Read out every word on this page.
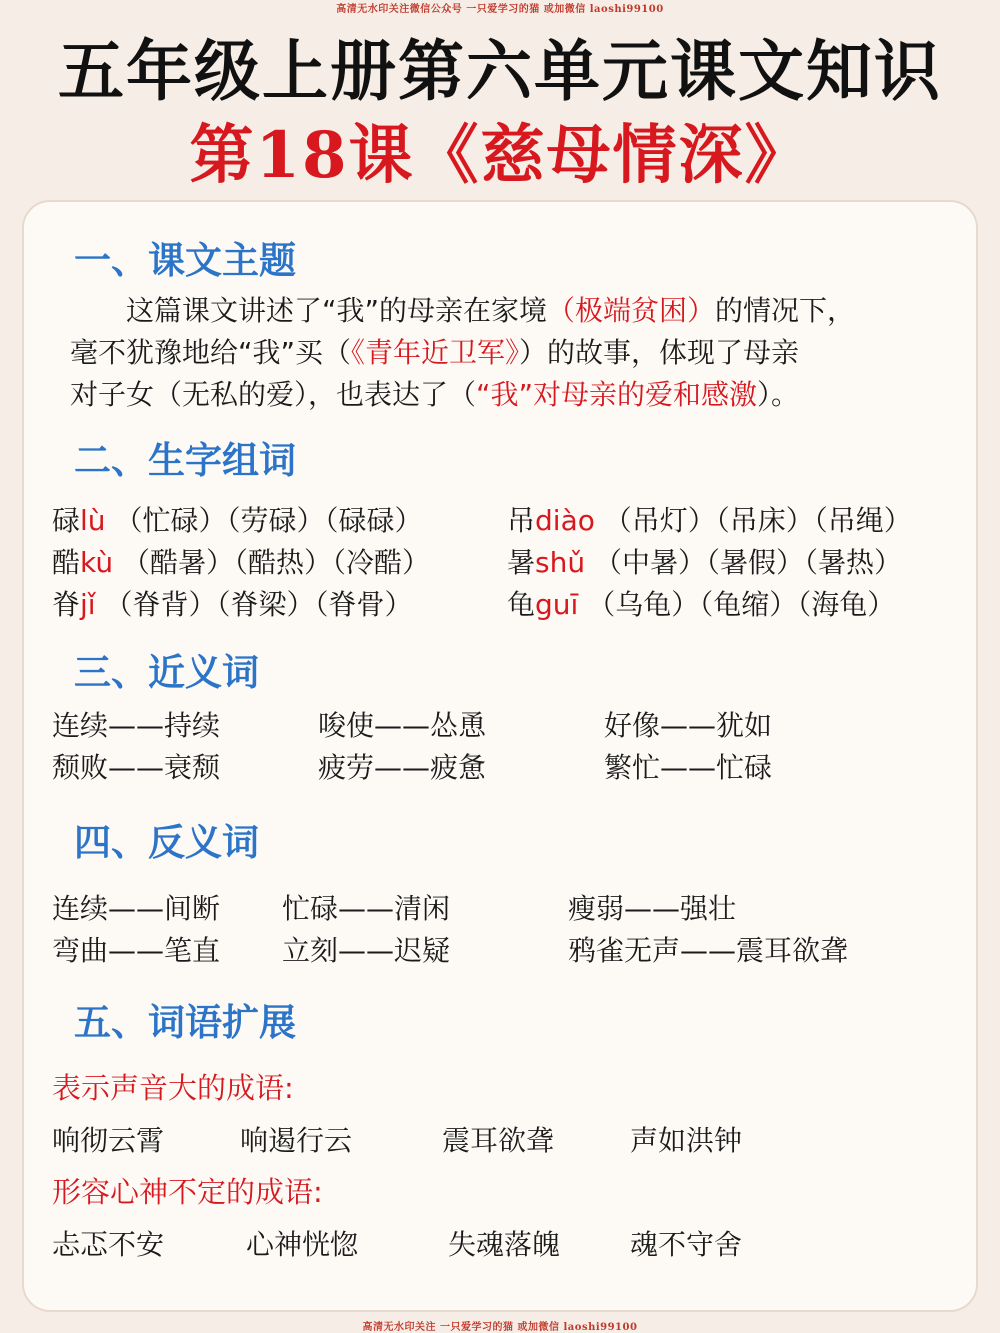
高清无水印关注微信公众号 一只爱学习的猫 或加微信 laoshi99100
五年级上册第六单元课文知识
第18课《慈母情深》
一、课文主题
这篇课文讲述了“我”的母亲在家境（极端贫困）的情况下，
毫不犹豫地给“我”买（《青年近卫军》）的故事，体现了母亲
对子女（无私的爱），也表达了（“我”对母亲的爱和感激）。
二、生字组词
碌lù （忙碌）（劳碌）（碌碌）	吊diào （吊灯）（吊床）（吊绳）
酷kù （酷暑）（酷热）（冷酷）	暑shǔ （中暑）（暑假）（暑热）
脊jǐ （脊背）（脊梁）（脊骨）	龟guī （乌龟）（龟缩）（海龟）
三、近义词
连续——持续	唆使——怂恿	好像——犹如
颓败——衰颓	疲劳——疲惫	繁忙——忙碌
四、反义词
连续——间断 忙碌——清闲	瘦弱——强壮
弯曲——笔直 立刻——迟疑	鸦雀无声——震耳欲聋
五、词语扩展
表示声音大的成语:
响彻云霄	响遏行云	震耳欲聋	声如洪钟
形容心神不定的成语:
忐忑不安	心神恍惚	失魂落魄 魂不守舍
高清无水印关注 一只爱学习的猫 或加微信 laoshi99100
